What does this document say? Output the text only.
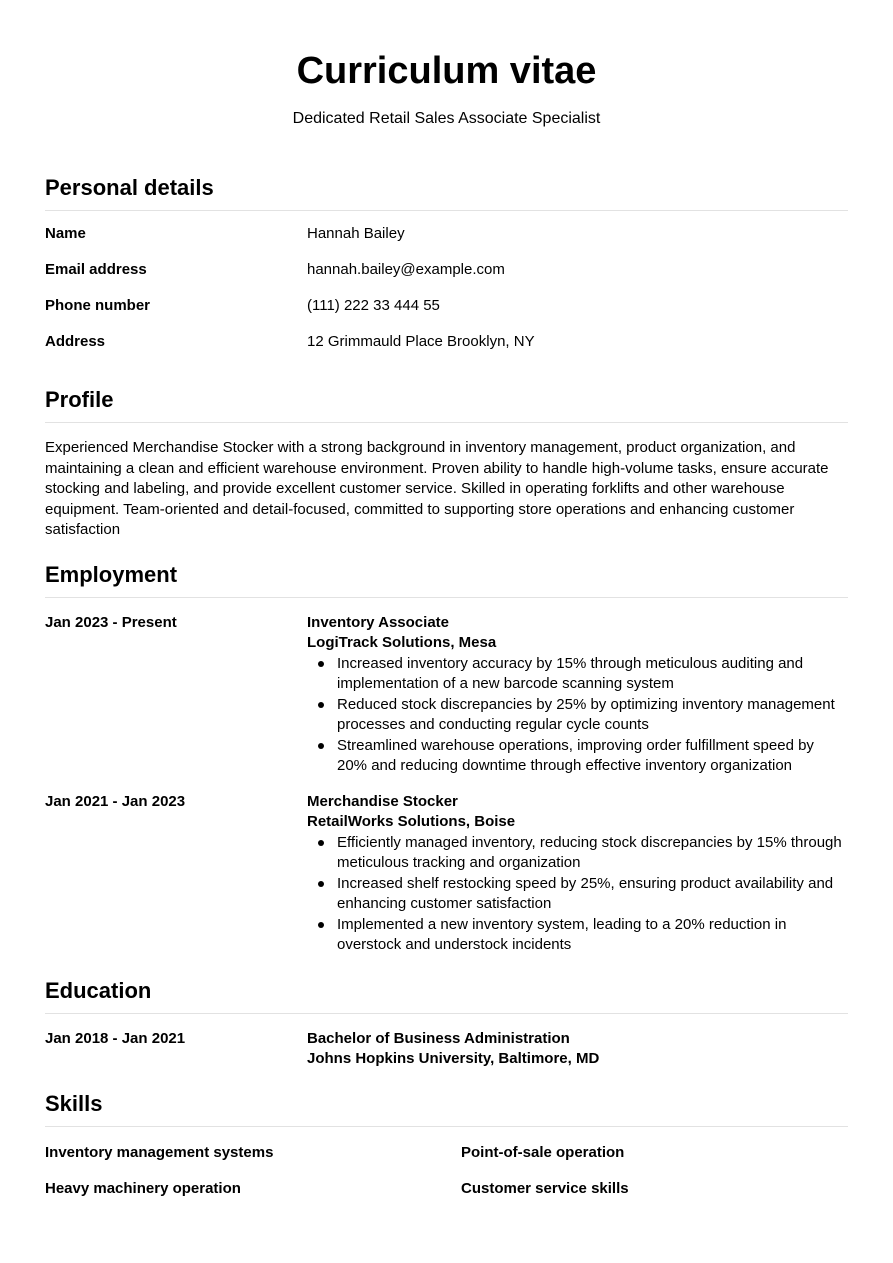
Curriculum vitae

Dedicated Retail Sales Associate Specialist

Personal details
Name	Hannah Bailey
Email address	hannah.bailey@example.com
Phone number	(111) 222 33 444 55
Address	12 Grimmauld Place Brooklyn, NY
Profile

Experienced Merchandise Stocker with a strong background in inventory management, product organization, and maintaining a clean and efficient warehouse environment. Proven ability to handle high-volume tasks, ensure accurate stocking and labeling, and provide excellent customer service. Skilled in operating forklifts and other warehouse equipment. Team-oriented and detail-focused, committed to supporting store operations and enhancing customer satisfaction

Employment
Jan 2023 - Present	Inventory Associate
LogiTrack Solutions, Mesa
Increased inventory accuracy by 15% through meticulous auditing and implementation of a new barcode scanning system
Reduced stock discrepancies by 25% by optimizing inventory management processes and conducting regular cycle counts
Streamlined warehouse operations, improving order fulfillment speed by 20% and reducing downtime through effective inventory organization
Jan 2021 - Jan 2023	Merchandise Stocker
RetailWorks Solutions, Boise
Efficiently managed inventory, reducing stock discrepancies by 15% through meticulous tracking and organization
Increased shelf restocking speed by 25%, ensuring product availability and enhancing customer satisfaction
Implemented a new inventory system, leading to a 20% reduction in overstock and understock incidents
Education
Jan 2018 - Jan 2021	Bachelor of Business Administration
Johns Hopkins University, Baltimore, MD
Skills
Inventory management systems	Point-of-sale operation
Heavy machinery operation	Customer service skills
